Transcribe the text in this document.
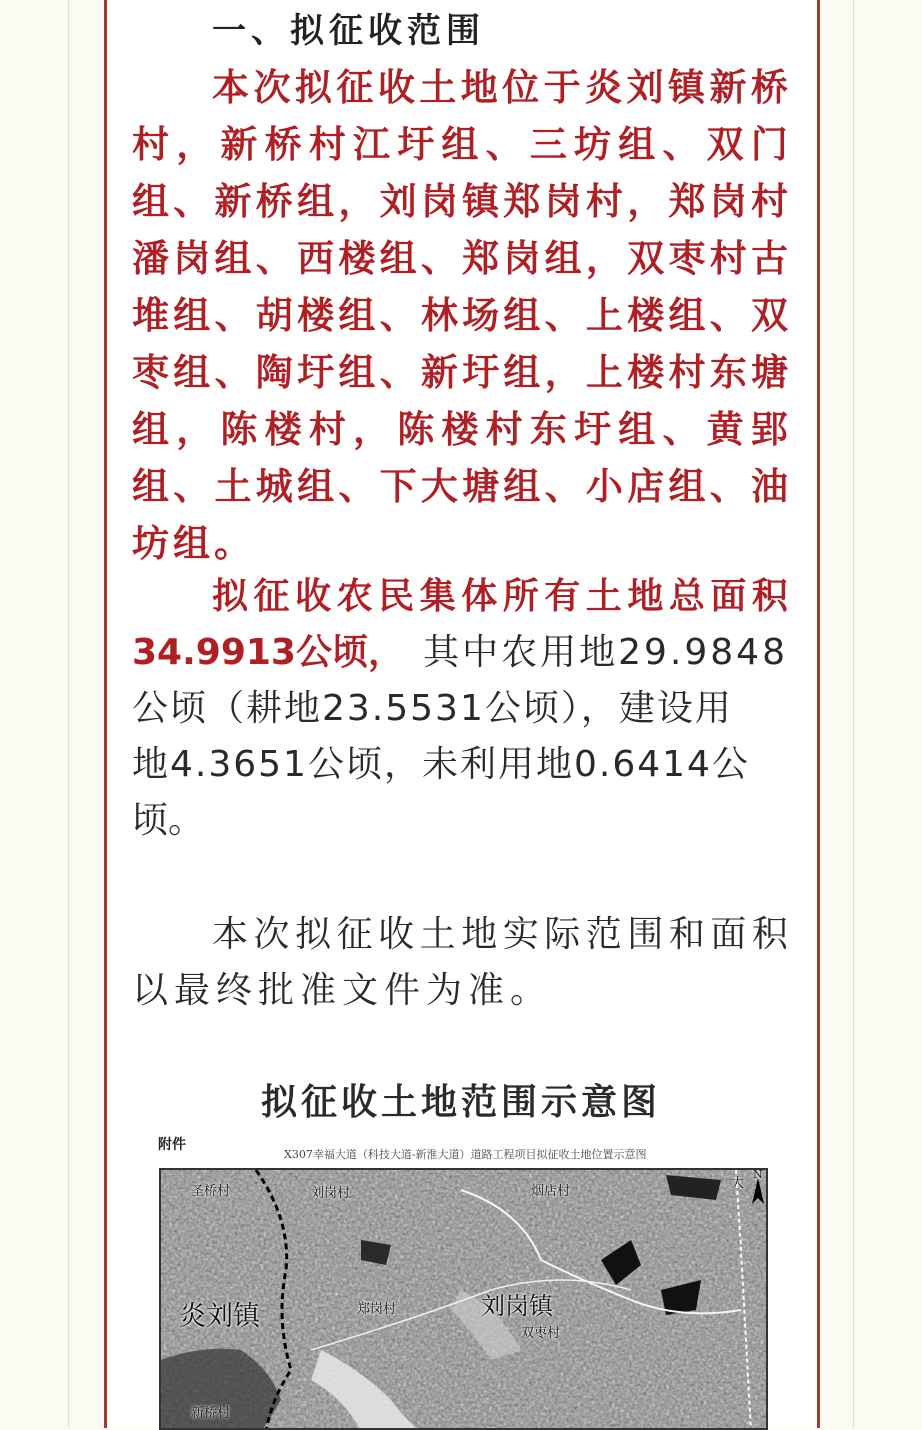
一、拟征收范围
本 次 拟 征 收 土 地 位 于 炎 刘 镇 新 桥
村 ， 新 桥 村 江 圩 组 、 三 坊 组 、 双 门
组 、 新 桥 组 ， 刘 岗 镇 郑 岗 村 ， 郑 岗 村
潘 岗 组 、 西 楼 组 、 郑 岗 组 ， 双 枣 村 古
堆 组 、 胡 楼 组 、 林 场 组 、 上 楼 组 、 双
枣 组 、 陶 圩 组 、 新 圩 组 ， 上 楼 村 东 塘
组 ， 陈 楼 村 ， 陈 楼 村 东 圩 组 、 黄 郢
组 、 土 城 组 、 下 大 塘 组 、 小 店 组 、 油
坊 组 。
拟 征 收 农 民 集 体 所 有 土 地 总 面 积
34.9913公顷， 其中农用地29.9848
公顷（耕地23.5531公顷），建设用
地4.3651公顷，未利用地0.6414公
顷。
本 次 拟 征 收 土 地 实 际 范 围 和 面 积
以最终批准文件为准。
拟征收土地范围示意图
附件
X307幸福大道（科技大道-新淮大道）道路工程项目拟征收土地位置示意图
圣桥村	刘岗村	烟店村
大
N
炎刘镇	郑岗村	刘岗镇
双枣村
新桥村
